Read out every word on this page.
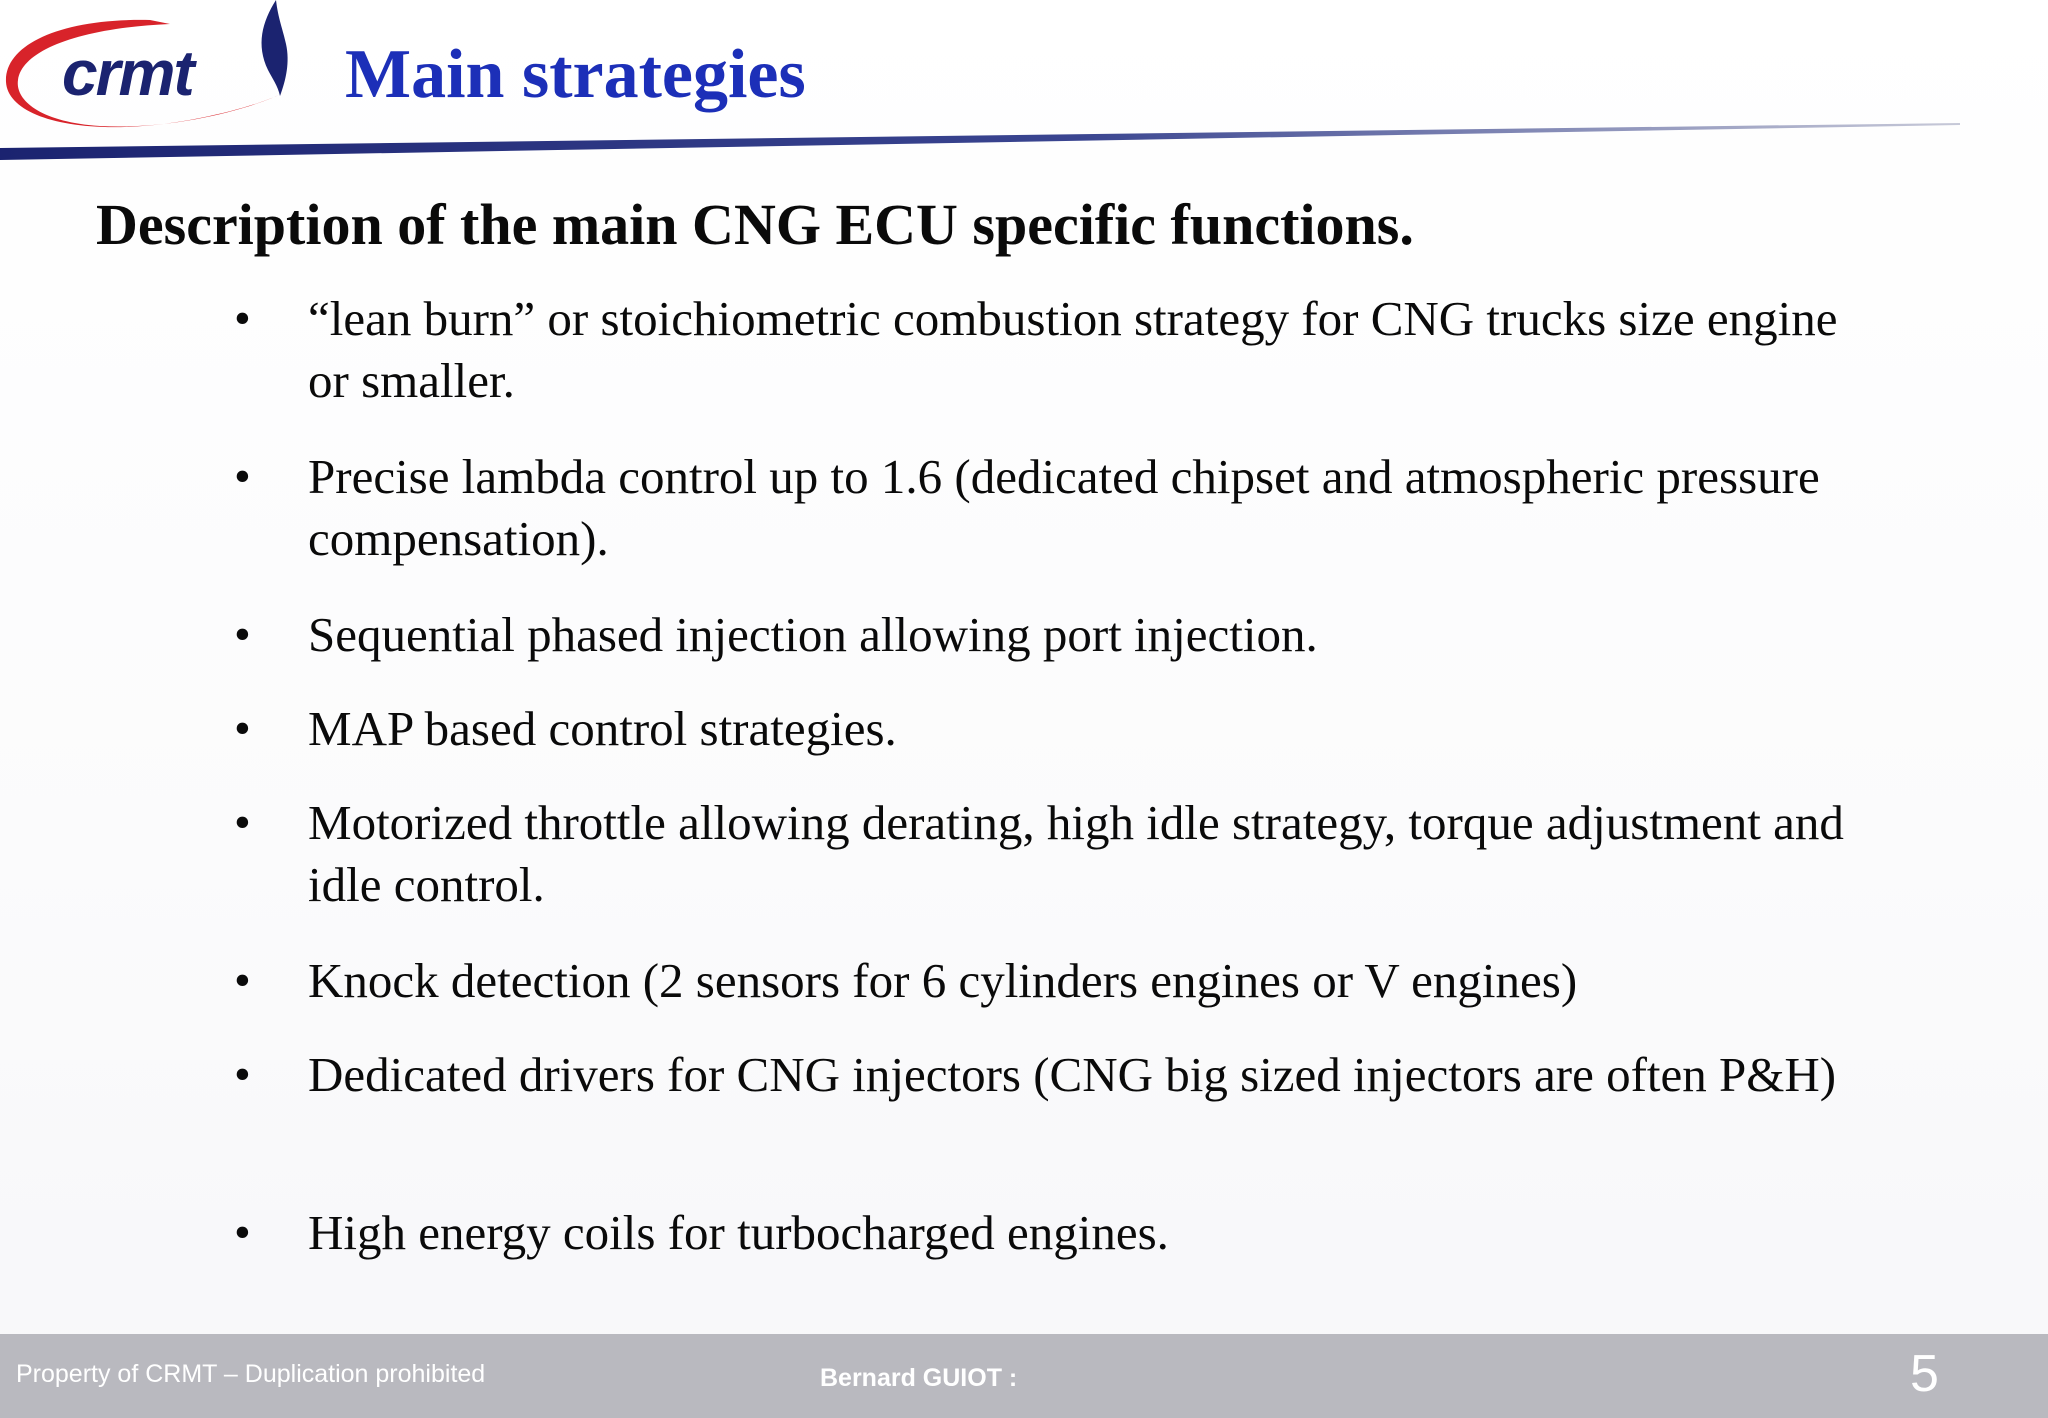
crmt Main strategies
Description of the main CNG ECU specific functions.
• “lean burn” or stoichiometric combustion strategy for CNG trucks size engine or smaller.
• Precise lambda control up to 1.6 (dedicated chipset and atmospheric pressure compensation).
• Sequential phased injection allowing port injection.
• MAP based control strategies.
• Motorized throttle allowing derating, high idle strategy, torque adjustment and idle control.
• Knock detection (2 sensors for 6 cylinders engines or V engines)
• Dedicated drivers for CNG injectors (CNG big sized injectors are often P&H)
• High energy coils for turbocharged engines.
Property of CRMT – Duplication prohibited	Bernard GUIOT :	5
